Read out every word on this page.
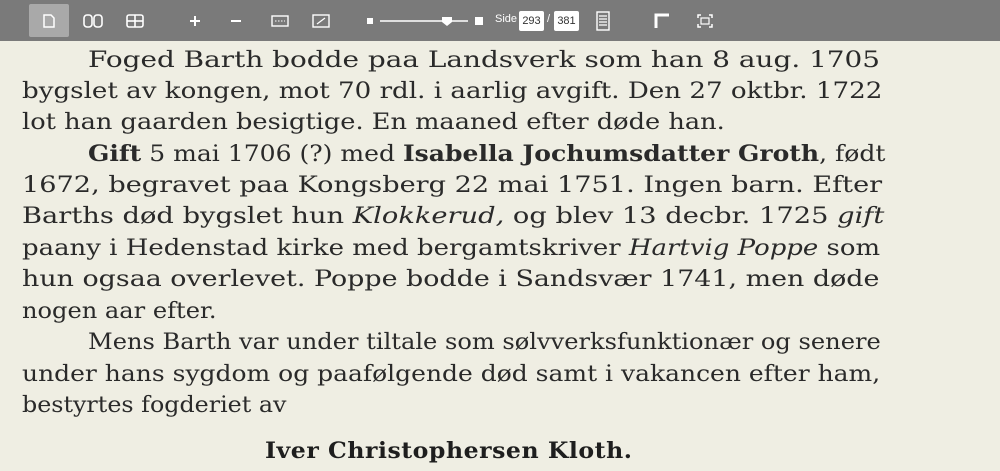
Side 293 / 381
Foged Barth bodde paa Landsverk som han 8 aug. 1705
bygslet av kongen, mot 70 rdl. i aarlig avgift. Den 27 oktbr. 1722
lot han gaarden besigtige. En maaned efter døde han.
Gift 5 mai 1706 (?) med Isabella Jochumsdatter Groth, født
1672, begravet paa Kongsberg 22 mai 1751. Ingen barn. Efter
Barths død bygslet hun Klokkerud, og blev 13 decbr. 1725 gift
paany i Hedenstad kirke med bergamtskriver Hartvig Poppe som
hun ogsaa overlevet. Poppe bodde i Sandsvær 1741, men døde
nogen aar efter.
Mens Barth var under tiltale som sølvverksfunktionær og senere
under hans sygdom og paafølgende død samt i vakancen efter ham,
bestyrtes fogderiet av
Iver Christophersen Kloth.
